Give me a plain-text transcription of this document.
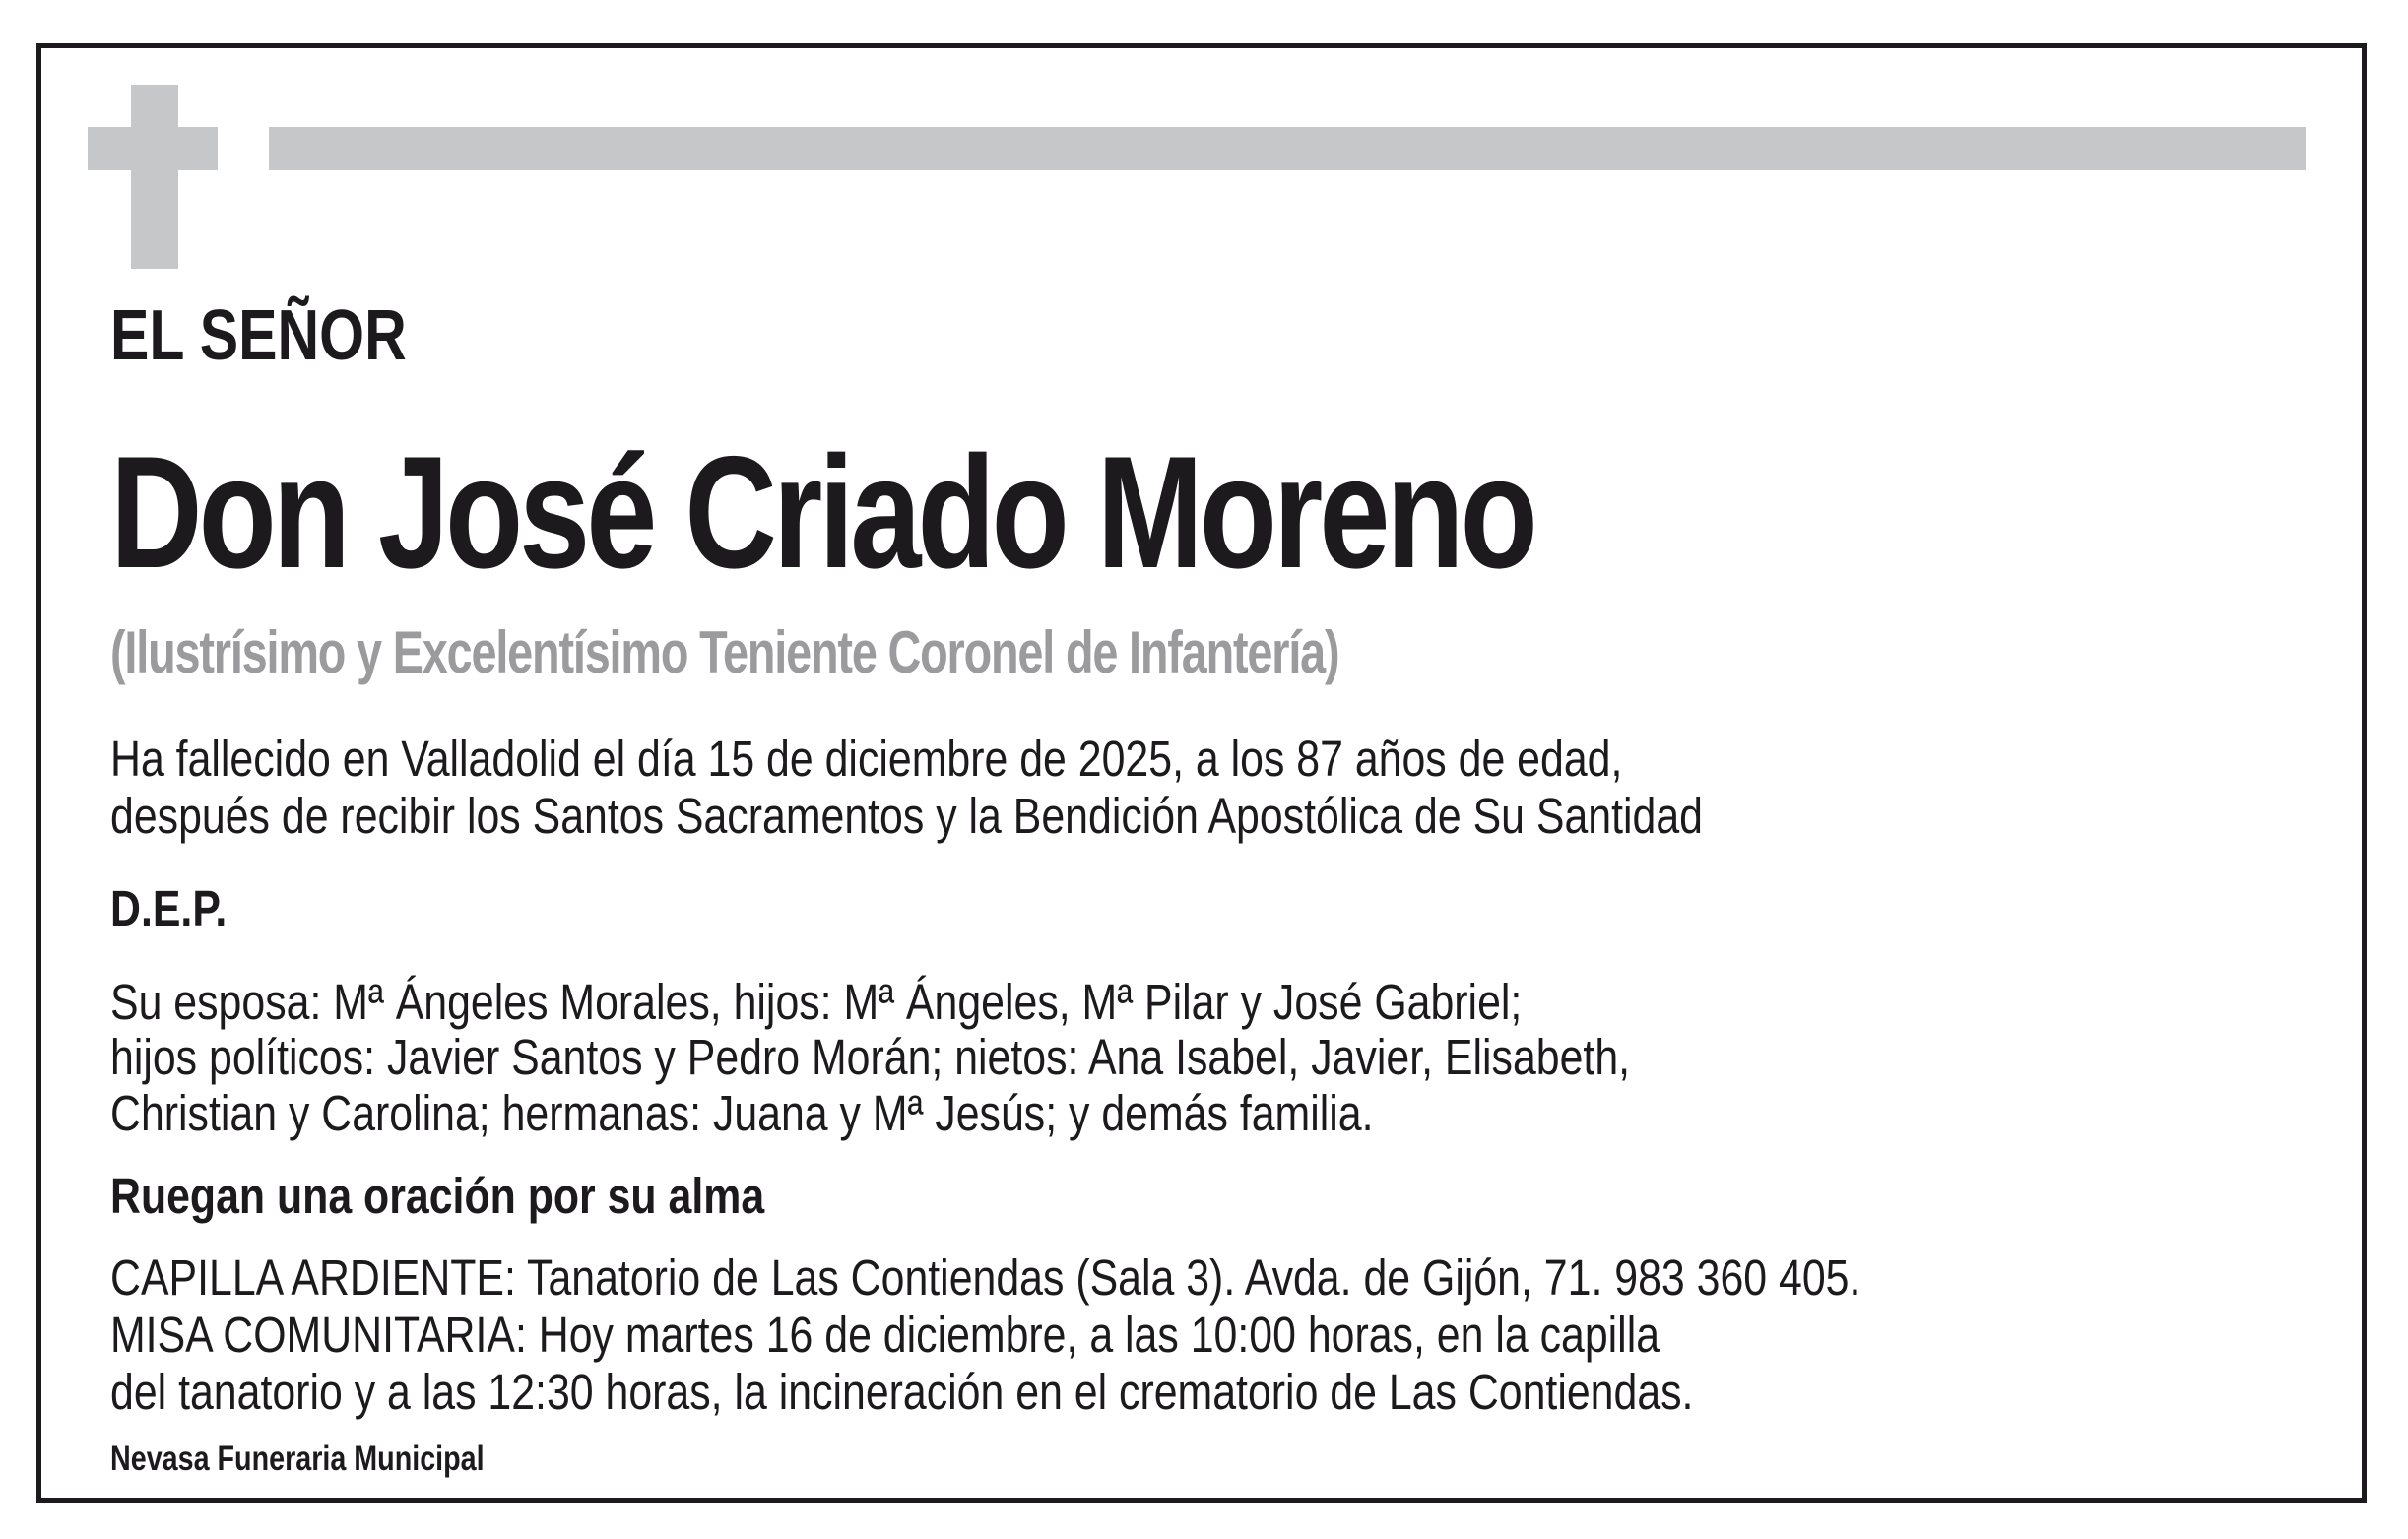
EL SEÑOR
Don José Criado Moreno
(Ilustrísimo y Excelentísimo Teniente Coronel de Infantería)
Ha fallecido en Valladolid el día 15 de diciembre de 2025, a los 87 años de edad,
después de recibir los Santos Sacramentos y la Bendición Apostólica de Su Santidad
D.E.P.
Su esposa: Mª Ángeles Morales, hijos: Mª Ángeles, Mª Pilar y José Gabriel;
hijos políticos: Javier Santos y Pedro Morán; nietos: Ana Isabel, Javier, Elisabeth,
Christian y Carolina; hermanas: Juana y Mª Jesús; y demás familia.
Ruegan una oración por su alma
CAPILLA ARDIENTE: Tanatorio de Las Contiendas (Sala 3). Avda. de Gijón, 71. 983 360 405.
MISA COMUNITARIA: Hoy martes 16 de diciembre, a las 10:00 horas, en la capilla
del tanatorio y a las 12:30 horas, la incineración en el crematorio de Las Contiendas.
Nevasa Funeraria Municipal
